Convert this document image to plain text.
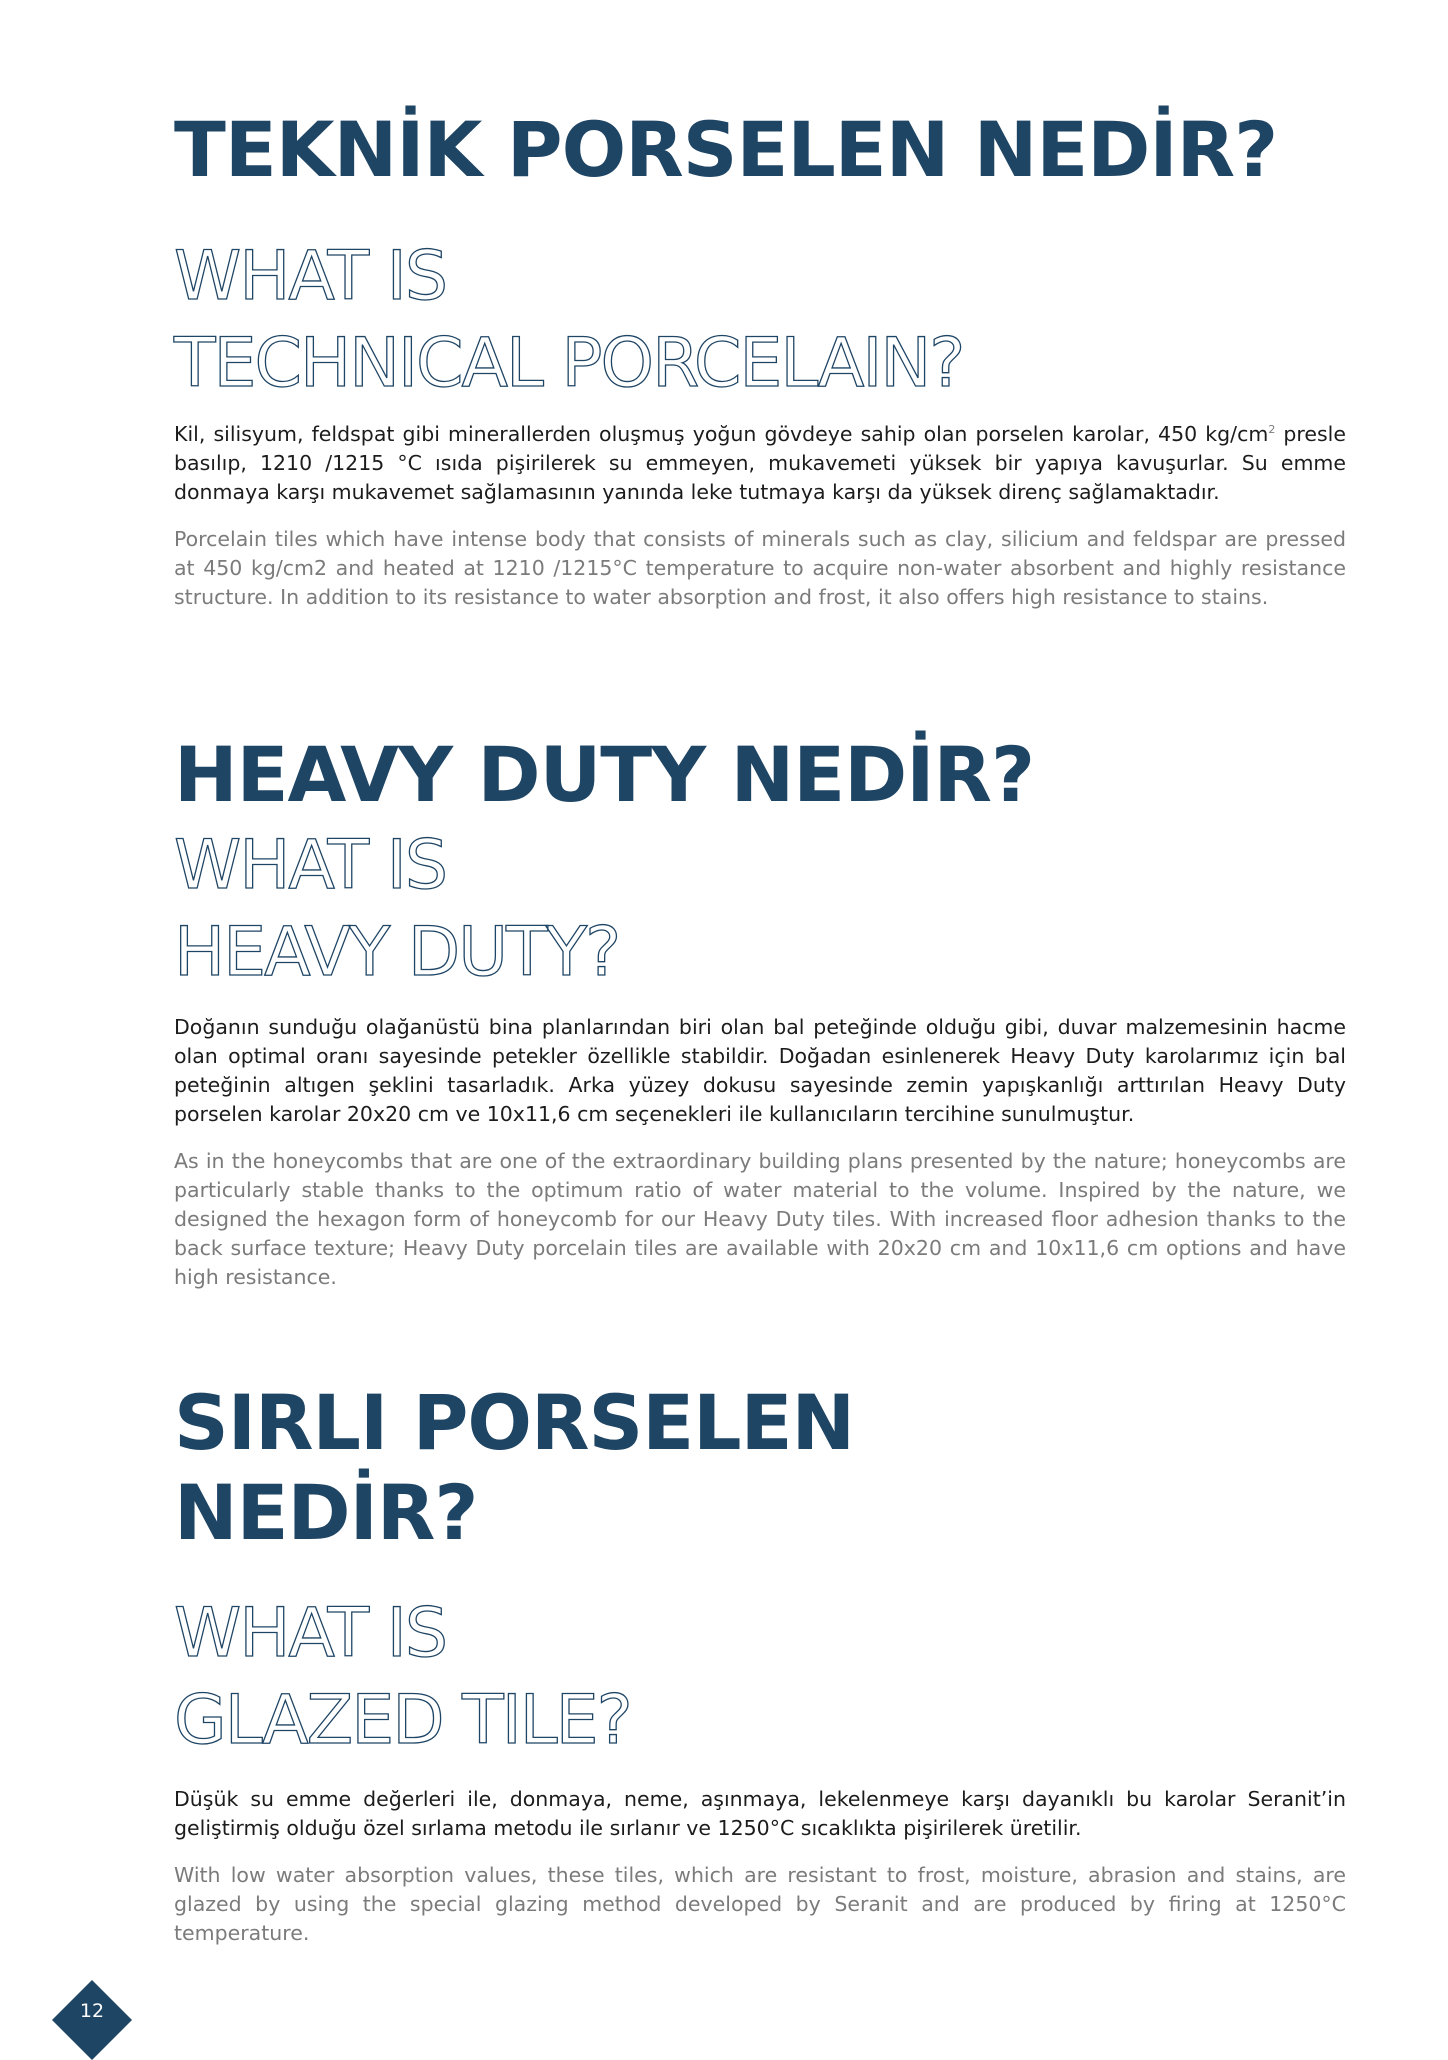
TEKNİK PORSELEN NEDİR?
WHAT IS
TECHNICAL PORCELAIN?

Kil, silisyum, feldspat gibi minerallerden oluşmuş yoğun gövdeye sahip olan porselen karolar, 450 $kg/cm^2$ presle basılıp, 1210 /1215 °C ısıda pişirilerek su emmeyen, mukavemeti yüksek bir yapıya kavuşurlar. Su emme donmaya karşı mukavemet sağlamasının yanında leke tutmaya karşı da yüksek direnç sağlamaktadır.

Porcelain tiles which have intense body that consists of minerals such as clay, silicium and feldspar are pressed at 450 kg/cm2 and heated at 1210 /1215°C temperature to acquire non-water absorbent and highly resistance structure. In addition to its resistance to water absorption and frost, it also offers high resistance to stains.

HEAVY DUTY NEDİR?
WHAT IS
HEAVY DUTY?

Doğanın sunduğu olağanüstü bina planlarından biri olan bal peteğinde olduğu gibi, duvar malzemesinin hacme olan optimal oranı sayesinde petekler özellikle stabildir. Doğadan esinlenerek Heavy Duty karolarımız için bal peteğinin altıgen şeklini tasarladık. Arka yüzey dokusu sayesinde zemin yapışkanlığı arttırılan Heavy Duty porselen karolar 20x20 cm ve 10x11,6 cm seçenekleri ile kullanıcıların tercihine sunulmuştur.

As in the honeycombs that are one of the extraordinary building plans presented by the nature; honeycombs are particularly stable thanks to the optimum ratio of water material to the volume. Inspired by the nature, we designed the hexagon form of honeycomb for our Heavy Duty tiles. With increased floor adhesion thanks to the back surface texture; Heavy Duty porcelain tiles are available with 20x20 cm and 10x11,6 cm options and have high resistance.

SIRLI PORSELEN
NEDİR?
WHAT IS
GLAZED TILE?

Düşük su emme değerleri ile, donmaya, neme, aşınmaya, lekelenmeye karşı dayanıklı bu karolar Seranit’in geliştirmiş olduğu özel sırlama metodu ile sırlanır ve 1250°C sıcaklıkta pişirilerek üretilir.

With low water absorption values, these tiles, which are resistant to frost, moisture, abrasion and stains, are glazed by using the special glazing method developed by Seranit and are produced by firing at 1250°C temperature.

12
